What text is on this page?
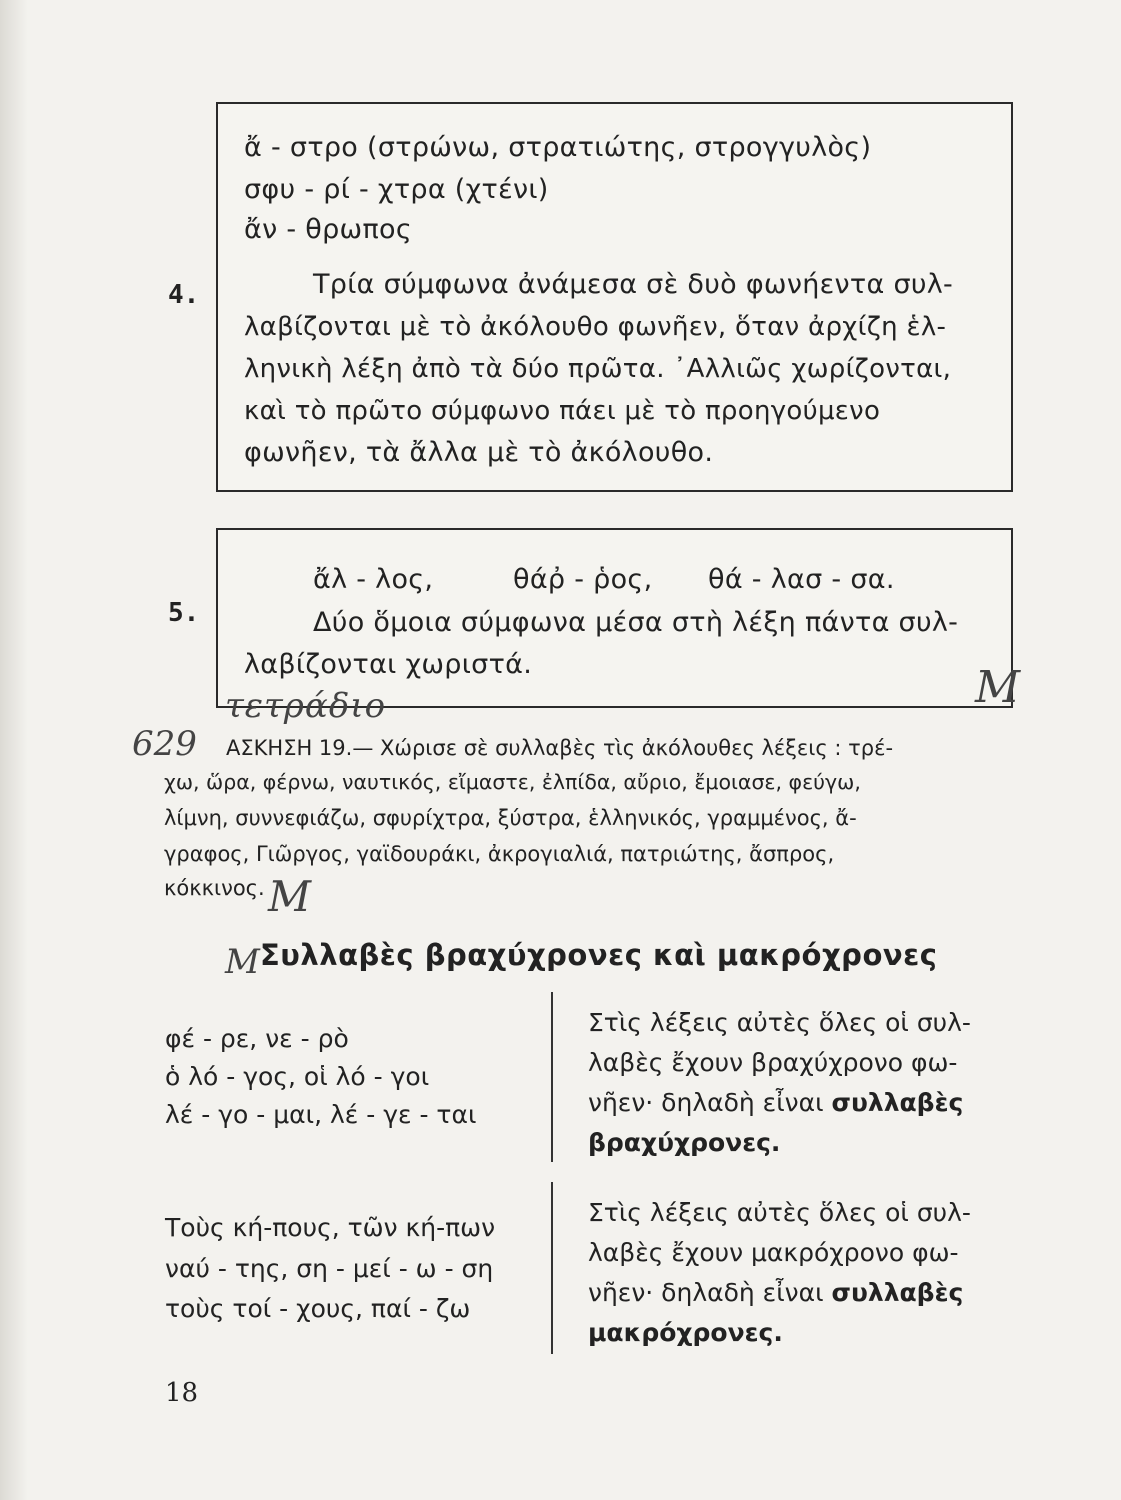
4.
ἄ - στρο (στρώνω, στρατιώτης, στρογγυλὸς)
σφυ - ρί - χτρα (χτένι)
ἄν - θρωπος
Τρία σύμφωνα ἀνάμεσα σὲ δυὸ φωνήεντα συλ-
λαβίζονται μὲ τὸ ἀκόλουθο φωνῆεν, ὅταν ἀρχίζη ἑλ-
ληνικὴ λέξη ἀπὸ τὰ δύο πρῶτα. ᾿Αλλιῶς χωρίζονται,
καὶ τὸ πρῶτο σύμφωνο πάει μὲ τὸ προηγούμενο
φωνῆεν, τὰ ἄλλα μὲ τὸ ἀκόλουθο.
5.
ἄλ - λος,	θάῤ - ῥος, θά - λασ - σα.
Δύο ὅμοια σύμφωνα μέσα στὴ λέξη πάντα συλ-
λαβίζονται χωριστά.	Μ
τετράδιο
629
Μ
Μ
ΑΣΚΗΣΗ 19.— Χώρισε σὲ συλλαβὲς τὶς ἀκόλουθες λέξεις : τρέ-
χω, ὥρα, φέρνω, ναυτικός, εἴμαστε, ἐλπίδα, αὔριο, ἔμοιασε, φεύγω,
λίμνη, συννεφιάζω, σφυρίχτρα, ξύστρα, ἑλληνικός, γραμμένος, ἄ-
γραφος, Γιῶργος, γαϊδουράκι, ἀκρογιαλιά, πατριώτης, ἄσπρος,
κόκκινος.
Συλλαβὲς βραχύχρονες καὶ μακρόχρονες
φέ - ρε, νε - ρὸ
ὁ λό - γος, οἱ λό - γοι
λέ - γο - μαι, λέ - γε - ται
Στὶς λέξεις αὐτὲς ὅλες οἱ συλ-
λαβὲς ἔχουν βραχύχρονο φω-
νῆεν· δηλαδὴ εἶναι συλλαβὲς
βραχύχρονες.
Τοὺς κή-πους, τῶν κή-πων
ναύ - της, ση - μεί - ω - ση
τοὺς τοί - χους, παί - ζω
Στὶς λέξεις αὐτὲς ὅλες οἱ συλ-
λαβὲς ἔχουν μακρόχρονο φω-
νῆεν· δηλαδὴ εἶναι συλλαβὲς
μακρόχρονες.
18
